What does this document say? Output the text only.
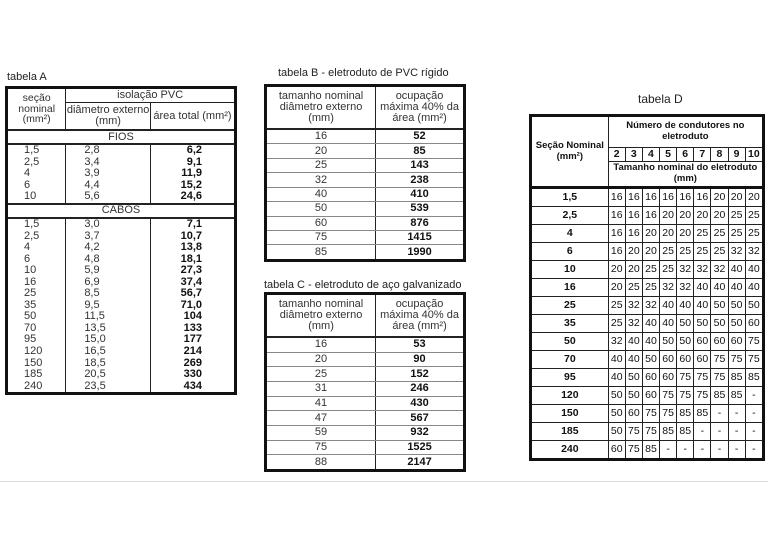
tabela A	tabela B - eletroduto de PVC rígido
tabela C - eletroduto de aço galvanizado
tabela D
seção nominal (mm²)	isolação PVC	
	diâmetro externo (mm)	área total (mm²)
FIOS		
1,5	2,8	6,2
2,5	3,4	9,1
4	3,9	11,9
6	4,4	15,2
10	5,6	24,6
CABOS		
1,5	3,0	7,1
2,5	3,7	10,7
4	4,2	13,8
6	4,8	18,1
10	5,9	27,3
16	6,9	37,4
25	8,5	56,7
35	9,5	71,0
50	11,5	104
70	13,5	133
95	15,0	177
120	16,5	214
150	18,5	269
185	20,5	330
240	23,5	434
tamanho nominal diâmetro externo (mm)	ocupação máxima 40% da área (mm²)
16	52
20	85
25	143
32	238
40	410
50	539
60	876
75	1415
85	1990
tamanho nominal diâmetro externo (mm)	ocupação máxima 40% da área (mm²)
16	53
20	90
25	152
31	246
41	430
47	567
59	932
75	1525
88	2147
Seção Nominal (mm²)	Número de condutores no eletroduto								
	2	3	4	5	6	7	8	9	10
	Tamanho nominal do eletroduto (mm)								
1,5	16	16	16	16	16	16	20	20	20
2,5	16	16	16	20	20	20	20	25	25
4	16	16	20	20	20	25	25	25	25
6	16	20	20	25	25	25	25	32	32
10	20	20	25	25	32	32	32	40	40
16	20	25	25	32	32	40	40	40	40
25	25	32	32	40	40	40	50	50	50
35	25	32	40	40	50	50	50	50	60
50	32	40	40	50	50	60	60	60	75
70	40	40	50	60	60	60	75	75	75
95	40	50	60	60	75	75	75	85	85
120	50	50	60	75	75	75	85	85	-
150	50	60	75	75	85	85	-	-	-
185	50	75	75	85	85	-	-	-	-
240	60	75	85	-	-	-	-	-	-
